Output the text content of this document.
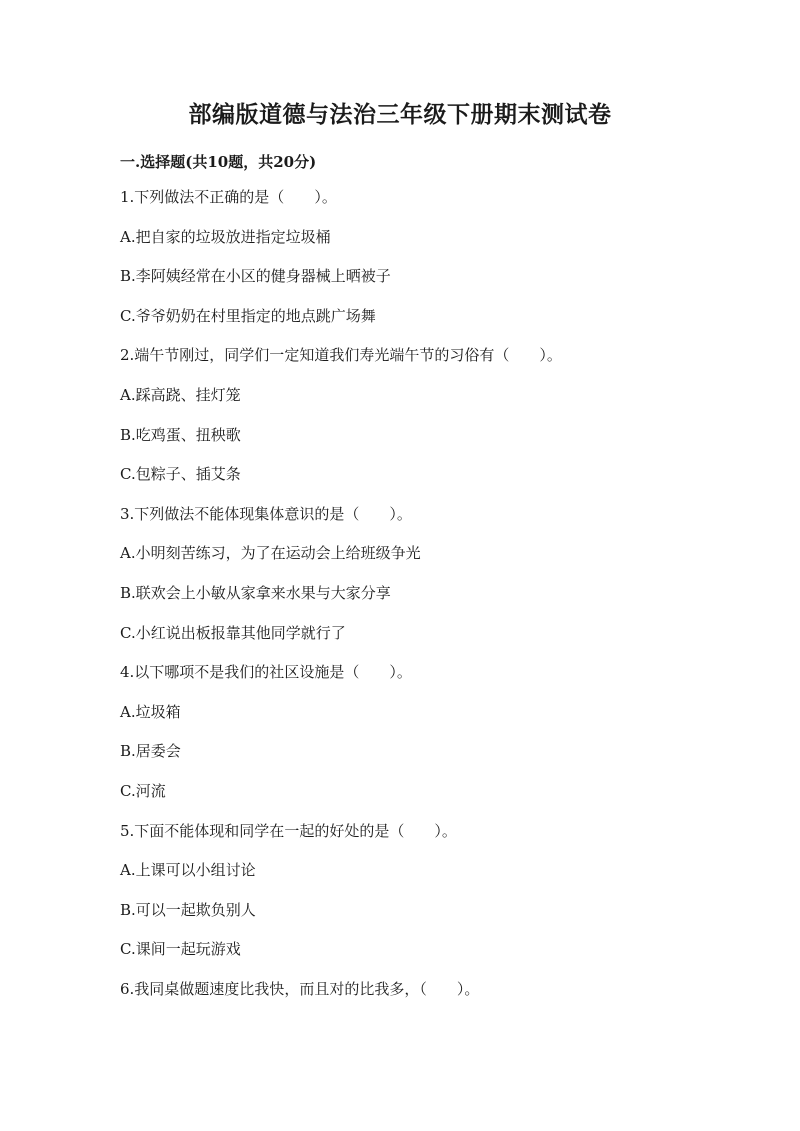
部编版道德与法治三年级下册期末测试卷
一.选择题(共10题，共20分)
1.下列做法不正确的是（　　）。
A.把自家的垃圾放进指定垃圾桶
B.李阿姨经常在小区的健身器械上晒被子
C.爷爷奶奶在村里指定的地点跳广场舞
2.端午节刚过，同学们一定知道我们寿光端午节的习俗有（　　）。
A.踩高跷、挂灯笼
B.吃鸡蛋、扭秧歌
C.包粽子、插艾条
3.下列做法不能体现集体意识的是（　　）。
A.小明刻苦练习，为了在运动会上给班级争光
B.联欢会上小敏从家拿来水果与大家分享
C.小红说出板报靠其他同学就行了
4.以下哪项不是我们的社区设施是（　　）。
A.垃圾箱
B.居委会
C.河流
5.下面不能体现和同学在一起的好处的是（　　）。
A.上课可以小组讨论
B.可以一起欺负别人
C.课间一起玩游戏
6.我同桌做题速度比我快，而且对的比我多，（　　）。
